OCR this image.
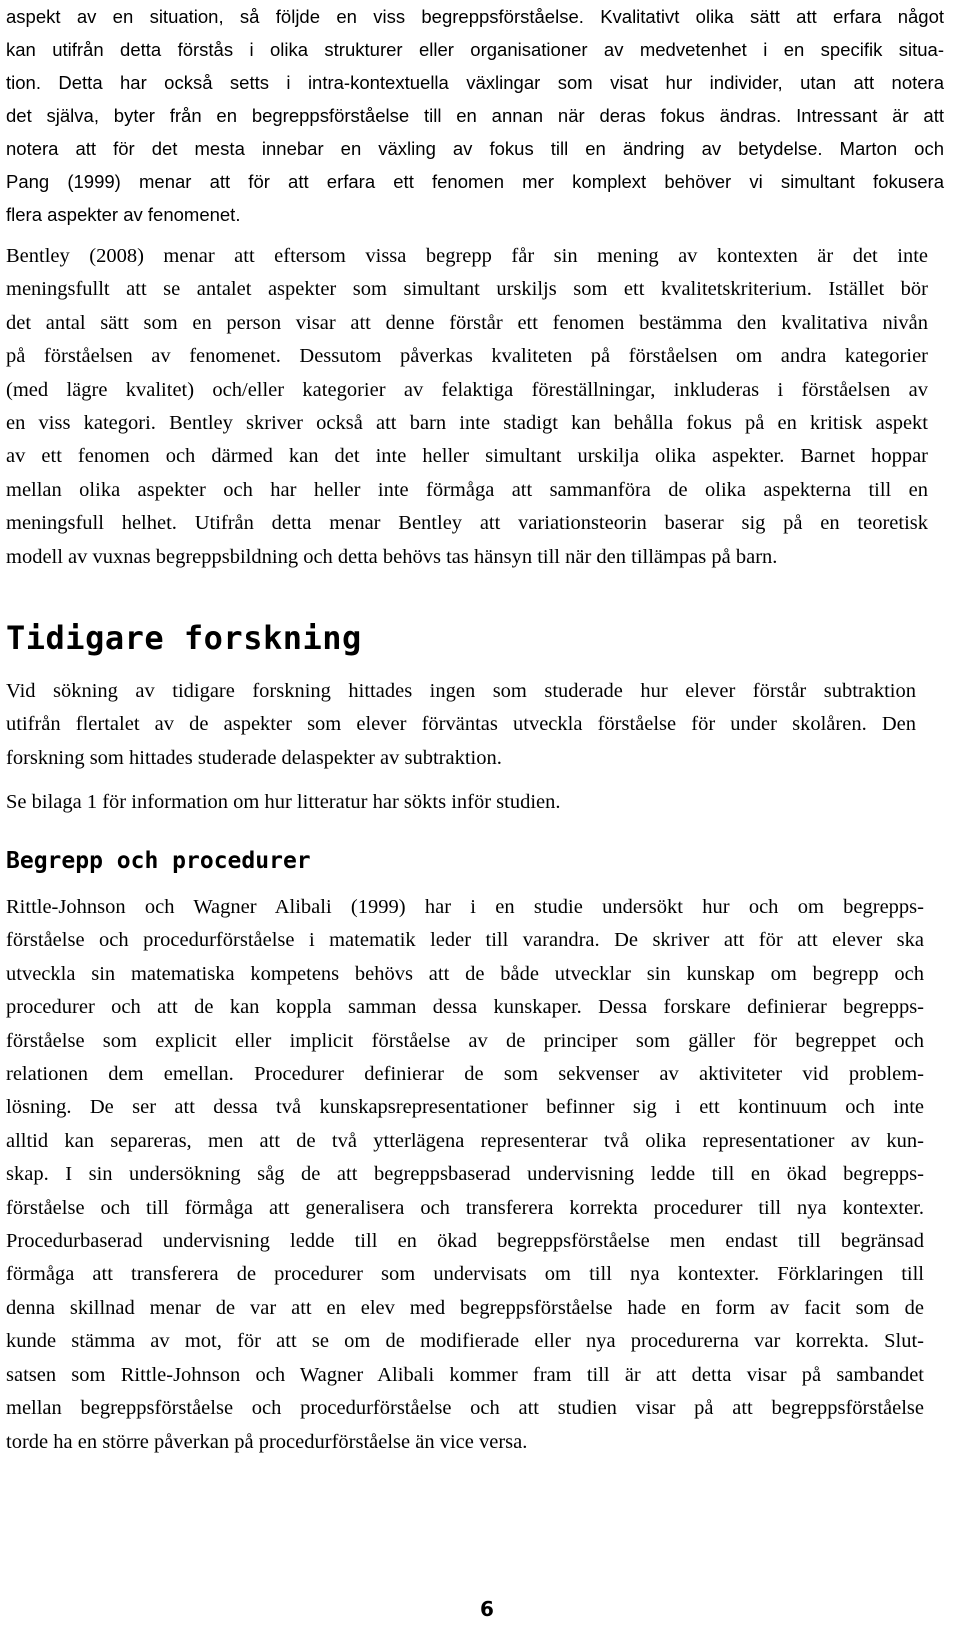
aspekt av en situation, så följde en viss begreppsförståelse. Kvalitativt olika sätt att erfara något
kan utifrån detta förstås i olika strukturer eller organisationer av medvetenhet i en specifik situa-
tion. Detta har också setts i intra-kontextuella växlingar som visat hur individer, utan att notera
det själva, byter från en begreppsförståelse till en annan när deras fokus ändras. Intressant är att
notera att för det mesta innebar en växling av fokus till en ändring av betydelse. Marton och
Pang (1999) menar att för att erfara ett fenomen mer komplext behöver vi simultant fokusera
flera aspekter av fenomenet.
Bentley (2008) menar att eftersom vissa begrepp får sin mening av kontexten är det inte
meningsfullt att se antalet aspekter som simultant urskiljs som ett kvalitetskriterium. Istället bör
det antal sätt som en person visar att denne förstår ett fenomen bestämma den kvalitativa nivån
på förståelsen av fenomenet. Dessutom påverkas kvaliteten på förståelsen om andra kategorier
(med lägre kvalitet) och/eller kategorier av felaktiga föreställningar, inkluderas i förståelsen av
en viss kategori. Bentley skriver också att barn inte stadigt kan behålla fokus på en kritisk aspekt
av ett fenomen och därmed kan det inte heller simultant urskilja olika aspekter. Barnet hoppar
mellan olika aspekter och har heller inte förmåga att sammanföra de olika aspekterna till en
meningsfull helhet. Utifrån detta menar Bentley att variationsteorin baserar sig på en teoretisk
modell av vuxnas begreppsbildning och detta behövs tas hänsyn till när den tillämpas på barn.
Tidigare forskning
Vid sökning av tidigare forskning hittades ingen som studerade hur elever förstår subtraktion
utifrån flertalet av de aspekter som elever förväntas utveckla förståelse för under skolåren. Den
forskning som hittades studerade delaspekter av subtraktion.
Se bilaga 1 för information om hur litteratur har sökts inför studien.
Begrepp och procedurer
Rittle-Johnson och Wagner Alibali (1999) har i en studie undersökt hur och om begrepps-
förståelse och procedurförståelse i matematik leder till varandra. De skriver att för att elever ska
utveckla sin matematiska kompetens behövs att de både utvecklar sin kunskap om begrepp och
procedurer och att de kan koppla samman dessa kunskaper. Dessa forskare definierar begrepps-
förståelse som explicit eller implicit förståelse av de principer som gäller för begreppet och
relationen dem emellan. Procedurer definierar de som sekvenser av aktiviteter vid problem-
lösning. De ser att dessa två kunskapsrepresentationer befinner sig i ett kontinuum och inte
alltid kan separeras, men att de två ytterlägena representerar två olika representationer av kun-
skap. I sin undersökning såg de att begreppsbaserad undervisning ledde till en ökad begrepps-
förståelse och till förmåga att generalisera och transferera korrekta procedurer till nya kontexter.
Procedurbaserad undervisning ledde till en ökad begreppsförståelse men endast till begränsad
förmåga att transferera de procedurer som undervisats om till nya kontexter. Förklaringen till
denna skillnad menar de var att en elev med begreppsförståelse hade en form av facit som de
kunde stämma av mot, för att se om de modifierade eller nya procedurerna var korrekta. Slut-
satsen som Rittle-Johnson och Wagner Alibali kommer fram till är att detta visar på sambandet
mellan begreppsförståelse och procedurförståelse och att studien visar på att begreppsförståelse
torde ha en större påverkan på procedurförståelse än vice versa.
6
